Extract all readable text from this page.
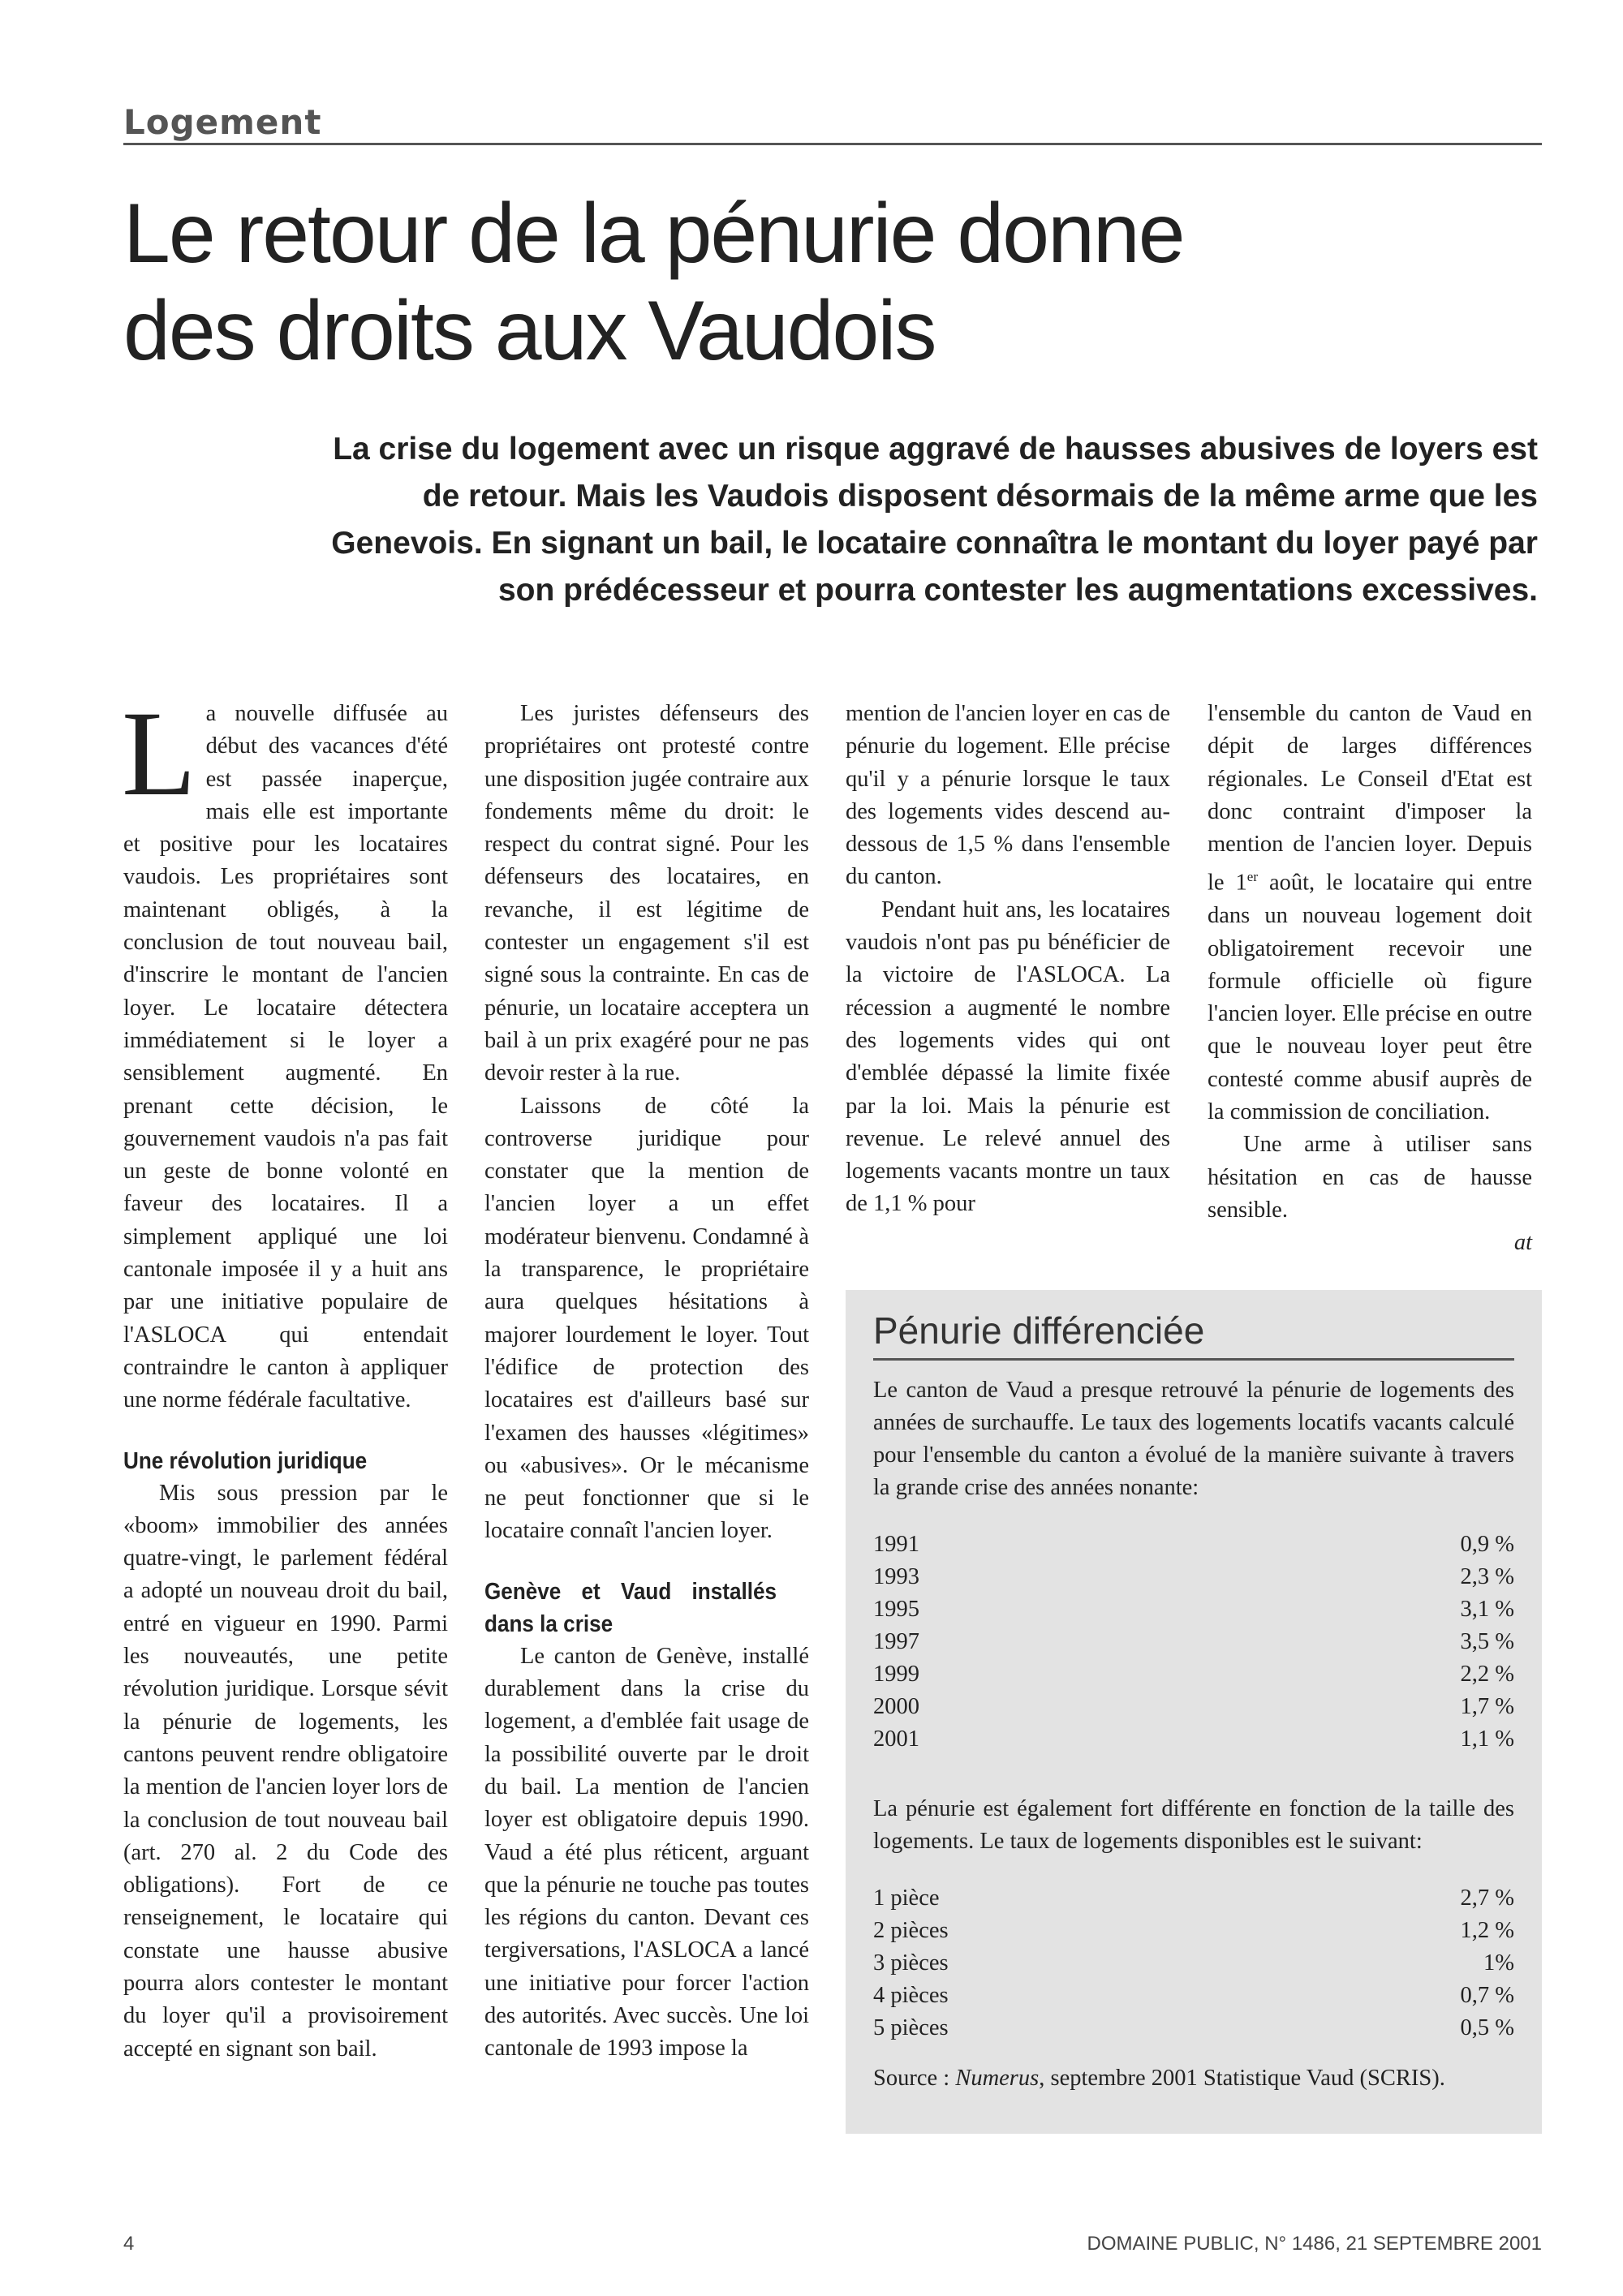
Logement
Le retour de la pénurie donne
des droits aux Vaudois
La crise du logement avec un risque aggravé de hausses abusives de loyers est
de retour. Mais les Vaudois disposent désormais de la même arme que les
Genevois. En signant un bail, le locataire connaîtra le montant du loyer payé par
son prédécesseur et pourra contester les augmentations excessives.

La nouvelle diffusée au début des vacances d'été est passée inaperçue, mais elle est importante et positive pour les locataires vaudois. Les propriétaires sont maintenant obligés, à la conclusion de tout nouveau bail, d'inscrire le montant de l'ancien loyer. Le locataire détectera immédiatement si le loyer a sensiblement augmenté. En prenant cette décision, le gouvernement vaudois n'a pas fait un geste de bonne volonté en faveur des locataires. Il a simplement appliqué une loi cantonale imposée il y a huit ans par une initiative populaire de l'ASLOCA qui entendait contraindre le canton à appliquer une norme fédérale facultative.

Une révolution juridique

Mis sous pression par le «boom» immobilier des années quatre-vingt, le parlement fédéral a adopté un nouveau droit du bail, entré en vigueur en 1990. Parmi les nouveautés, une petite révolution juridique. Lorsque sévit la pénurie de logements, les cantons peuvent rendre obligatoire la mention de l'ancien loyer lors de la conclusion de tout nouveau bail (art. 270 al. 2 du Code des obligations). Fort de ce renseignement, le locataire qui constate une hausse abusive pourra alors contester le montant du loyer qu'il a provisoirement accepté en signant son bail.

Les juristes défenseurs des propriétaires ont protesté contre une disposition jugée contraire aux fondements même du droit: le respect du contrat signé. Pour les défenseurs des locataires, en revanche, il est légitime de contester un engagement s'il est signé sous la contrainte. En cas de pénurie, un locataire acceptera un bail à un prix exagéré pour ne pas devoir rester à la rue.

Laissons de côté la controverse juridique pour constater que la mention de l'ancien loyer a un effet modérateur bienvenu. Condamné à la transparence, le propriétaire aura quelques hésitations à majorer lourdement le loyer. Tout l'édifice de protection des locataires est d'ailleurs basé sur l'examen des hausses «légitimes» ou «abusives». Or le mécanisme ne peut fonctionner que si le locataire connaît l'ancien loyer.

Genève et Vaud installés dans la crise

Le canton de Genève, installé durablement dans la crise du logement, a d'emblée fait usage de la possibilité ouverte par le droit du bail. La mention de l'ancien loyer est obligatoire depuis 1990. Vaud a été plus réticent, arguant que la pénurie ne touche pas toutes les régions du canton. Devant ces tergiversations, l'ASLOCA a lancé une initiative pour forcer l'action des autorités. Avec succès. Une loi cantonale de 1993 impose la

mention de l'ancien loyer en cas de pénurie du logement. Elle précise qu'il y a pénurie lorsque le taux des logements vides descend au-dessous de 1,5 % dans l'ensemble du canton.

Pendant huit ans, les locataires vaudois n'ont pas pu bénéficier de la victoire de l'ASLOCA. La récession a augmenté le nombre des logements vides qui ont d'emblée dépassé la limite fixée par la loi. Mais la pénurie est revenue. Le relevé annuel des logements vacants montre un taux de 1,1 % pour

l'ensemble du canton de Vaud en dépit de larges différences régionales. Le Conseil d'Etat est donc contraint d'imposer la mention de l'ancien loyer. Depuis le 1er août, le locataire qui entre dans un nouveau logement doit obligatoirement recevoir une formule officielle où figure l'ancien loyer. Elle précise en outre que le nouveau loyer peut être contesté comme abusif auprès de la commission de conciliation.

Une arme à utiliser sans hésitation en cas de hausse sensible.

at
Pénurie différenciée
Le canton de Vaud a presque retrouvé la pénurie de logements des années de surchauffe. Le taux des logements locatifs vacants calculé pour l'ensemble du canton a évolué de la manière suivante à travers la grande crise des années nonante:
1991	0,9 %
1993	2,3 %
1995	3,1 %
1997	3,5 %
1999	2,2 %
2000	1,7 %
2001	1,1 %
La pénurie est également fort différente en fonction de la taille des logements. Le taux de logements disponibles est le suivant:
1 pièce	2,7 %
2 pièces	1,2 %
3 pièces	1%
4 pièces	0,7 %
5 pièces	0,5 %
Source : Numerus, septembre 2001 Statistique Vaud (SCRIS).
4	DOMAINE PUBLIC, N° 1486, 21 SEPTEMBRE 2001
